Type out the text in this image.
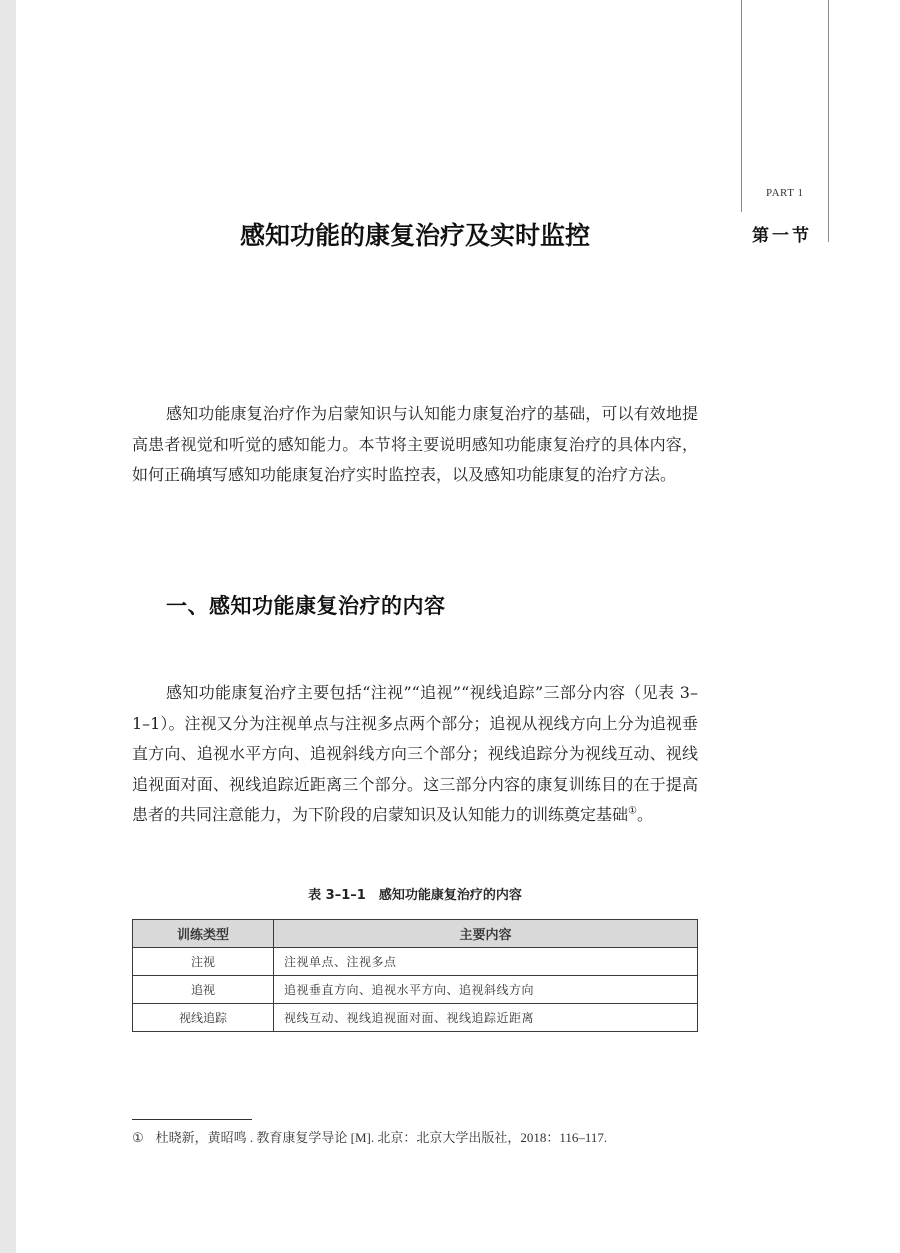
PART 1
第一节
感知功能的康复治疗及实时监控

感知功能康复治疗作为启蒙知识与认知能力康复治疗的基础，可以有效地提高患者视觉和听觉的感知能力。本节将主要说明感知功能康复治疗的具体内容，如何正确填写感知功能康复治疗实时监控表，以及感知功能康复的治疗方法。

一、感知功能康复治疗的内容

感知功能康复治疗主要包括“注视”“追视”“视线追踪”三部分内容（见表 3–1–1）。注视又分为注视单点与注视多点两个部分；追视从视线方向上分为追视垂直方向、追视水平方向、追视斜线方向三个部分；视线追踪分为视线互动、视线追视面对面、视线追踪近距离三个部分。这三部分内容的康复训练目的在于提高患者的共同注意能力，为下阶段的启蒙知识及认知能力的训练奠定基础①。

表 3–1–1　感知功能康复治疗的内容
训练类型	主要内容
注视	注视单点、注视多点
追视	追视垂直方向、追视水平方向、追视斜线方向
视线追踪	视线互动、视线追视面对面、视线追踪近距离
① 杜晓新，黄昭鸣 . 教育康复学导论 [M]. 北京：北京大学出版社，2018：116–117.
